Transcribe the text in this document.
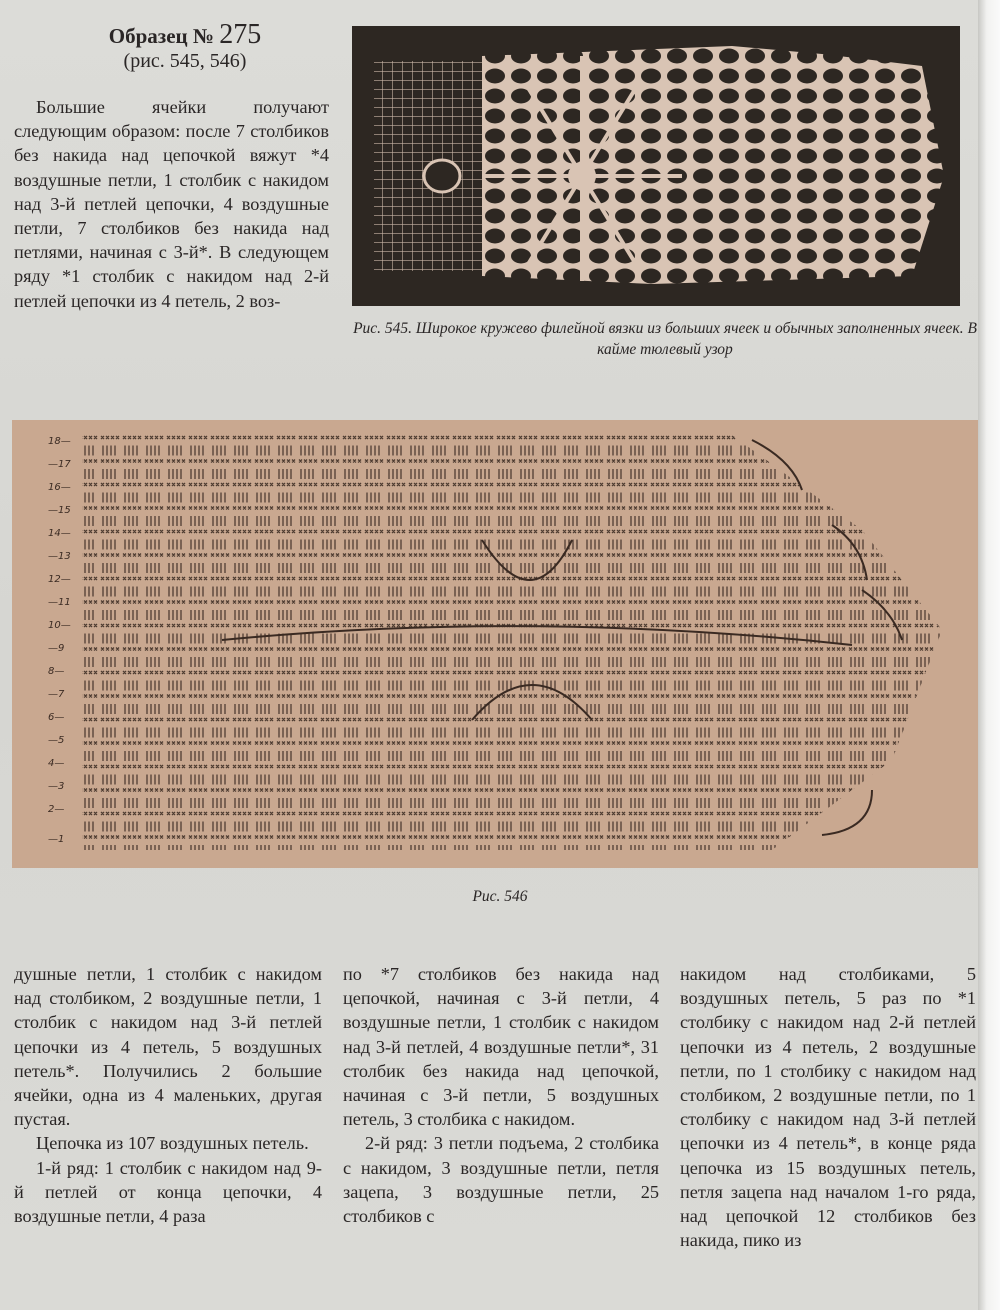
Образец № 275
(рис. 545, 546)

Большие ячейки получают следующим образом: после 7 столбиков без накида над цепочкой вяжут *4 воздушные петли, 1 столбик с накидом над 3-й петлей цепочки, 4 воздушные петли, 7 столбиков без накида над петлями, начиная с 3-й*. В следующем ряду *1 столбик с накидом над 2-й петлей цепочки из 4 петель, 2 воз-

Рис. 545. Широкое кружево филейной вязки из больших ячеек и обычных заполненных ячеек. В кайме тюлевый узор
18—
—17
16—
—15
14—
—13
12—
—11
10—
—9
8—
—7
6—
—5
4—
—3
2—
—1
Рис. 546

душные петли, 1 столбик с накидом над столбиком, 2 воздушные петли, 1 столбик с накидом над 3-й петлей цепочки из 4 петель, 5 воздушных петель*. Получились 2 большие ячейки, одна из 4 маленьких, другая пустая.

Цепочка из 107 воздушных петель.

1-й ряд: 1 столбик с накидом над 9-й петлей от конца цепочки, 4 воздушные петли, 4 раза

по *7 столбиков без накида над цепочкой, начиная с 3-й петли, 4 воздушные петли, 1 столбик с накидом над 3-й петлей, 4 воздушные петли*, 31 столбик без накида над цепочкой, начиная с 3-й петли, 5 воздушных петель, 3 столбика с накидом.

2-й ряд: 3 петли подъема, 2 столбика с накидом, 3 воздушные петли, петля зацепа, 3 воздушные петли, 25 столбиков с

накидом над столбиками, 5 воздушных петель, 5 раз по *1 столбику с накидом над 2-й петлей цепочки из 4 петель, 2 воздушные петли, по 1 столбику с накидом над столбиком, 2 воздушные петли, по 1 столбику с накидом над 3-й петлей цепочки из 4 петель*, в конце ряда цепочка из 15 воздушных петель, петля зацепа над началом 1-го ряда, над цепочкой 12 столбиков без накида, пико из
